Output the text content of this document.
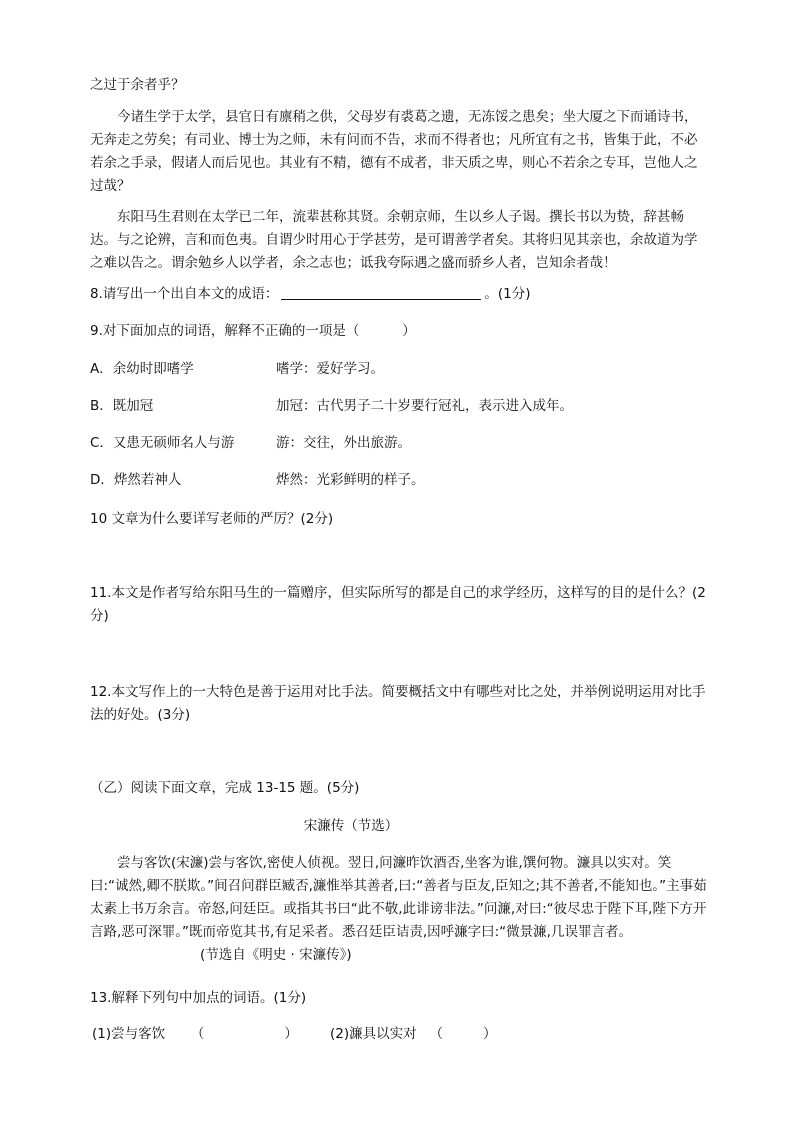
之过于余者乎？

今诸生学于太学，县官日有廪稍之供，父母岁有裘葛之遗，无冻馁之患矣；坐大厦之下而诵诗书，无奔走之劳矣；有司业、博士为之师，未有问而不告，求而不得者也；凡所宜有之书，皆集于此，不必若余之手录，假诸人而后见也。其业有不精，德有不成者，非天质之卑，则心不若余之专耳，岂他人之过哉？

东阳马生君则在太学已二年，流辈甚称其贤。余朝京师，生以乡人子谒。撰长书以为贽，辞甚畅达。与之论辨，言和而色夷。自谓少时用心于学甚劳，是可谓善学者矣。其将归见其亲也，余故道为学之难以告之。谓余勉乡人以学者，余之志也；诋我夸际遇之盛而骄乡人者，岂知余者哉！

8.请写出一个出自本文的成语：	。(1分)
9.对下面加点的词语，解释不正确的一项是（          ）
A．余幼时即嗜学	嗜学：爱好学习。
B．既加冠	加冠：古代男子二十岁要行冠礼，表示进入成年。
C．又患无硕师名人与游	游：交往，外出旅游。
D．烨然若神人	烨然：光彩鲜明的样子。
10 文章为什么要详写老师的严厉？(2分)

11.本文是作者写给东阳马生的一篇赠序，但实际所写的都是自己的求学经历，这样写的目的是什么？(2分)

12.本文写作上的一大特色是善于运用对比手法。简要概括文中有哪些对比之处，并举例说明运用对比手法的好处。(3分)

（乙）阅读下面文章，完成 13-15 题。(5分)
宋濂传（节选）

尝与客饮(宋濂)尝与客饮,密使人侦视。翌日,问濂昨饮酒否,坐客为谁,馔何物。濂具以实对。笑曰:“诚然,卿不朕欺。”间召问群臣臧否,濂惟举其善者,曰:“善者与臣友,臣知之;其不善者,不能知也。”主事茹太素上书万余言。帝怒,问廷臣。或指其书曰“此不敬,此诽谤非法。”问濂,对曰:“彼尽忠于陛下耳,陛下方开言路,恶可深罪。”既而帝览其书,有足采者。悉召廷臣诘责,因呼濂字曰:“微景濂,几误罪言者。(节选自《明史 · 宋濂传》)

13.解释下列句中加点的词语。(1分)
(1)尝与客饮 （	） (2)濂具以实对 （	）
